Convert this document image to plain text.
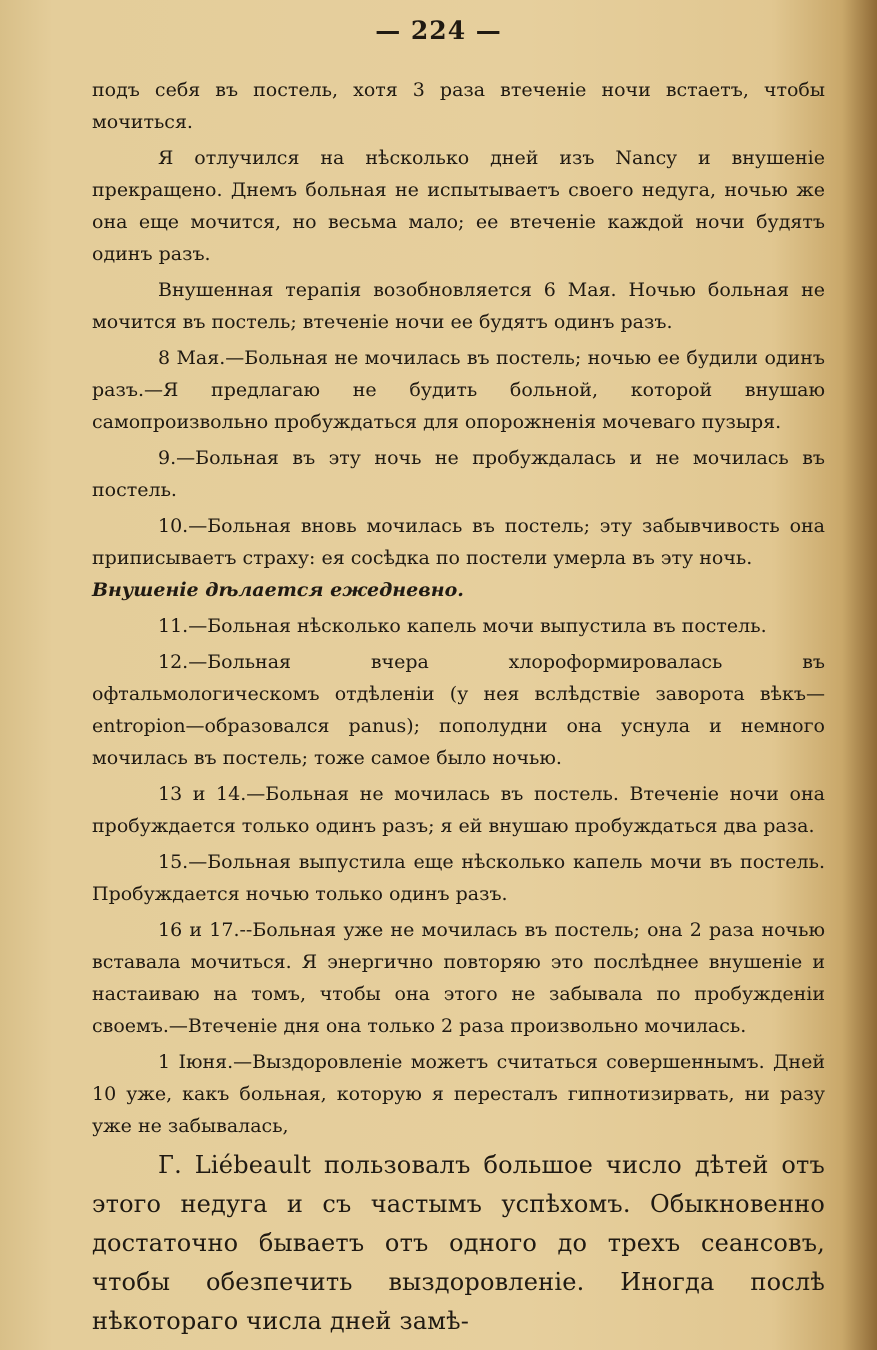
— 224 —

подъ себя въ постель, хотя 3 раза втеченіе ночи встаетъ, чтобы мочиться.

Я отлучился на нѣсколько дней изъ Nancy и внушеніе прекращено. Днемъ больная не испытываетъ своего недуга, ночью же она еще мочится, но весьма мало; ее втеченіе каждой ночи будятъ одинъ разъ.

Внушенная терапія возобновляется 6 Мая. Ночью больная не мочится въ постель; втеченіе ночи ее будятъ одинъ разъ.

8 Мая.—Больная не мочилась въ постель; ночью ее будили одинъ разъ.—Я предлагаю не будить больной, которой внушаю самопроизвольно пробуждаться для опорожненія мочеваго пузыря.

9.—Больная въ эту ночь не пробуждалась и не мочилась въ постель.

10.—Больная вновь мочилась въ постель; эту забывчивость она приписываетъ страху: ея сосѣдка по постели умерла въ эту ночь.

Внушеніе дѣлается ежедневно.

11.—Больная нѣсколько капель мочи выпустила въ постель.

12.—Больная вчера хлороформировалась въ офтальмологическомъ отдѣленіи (у нея вслѣдствіе заворота вѣкъ—entropion—образовался panus); пополудни она уснула и немного мочилась въ постель; тоже самое было ночью.

13 и 14.—Больная не мочилась въ постель. Втеченіе ночи она пробуждается только одинъ разъ; я ей внушаю пробуждаться два раза.

15.—Больная выпустила еще нѣсколько капель мочи въ постель. Пробуждается ночью только одинъ разъ.

16 и 17.--Больная уже не мочилась въ постель; она 2 раза ночью вставала мочиться. Я энергично повторяю это послѣднее внушеніе и настаиваю на томъ, чтобы она этого не забывала по пробужденіи своемъ.—Втеченіе дня она только 2 раза произвольно мочилась.

1 Іюня.—Выздоровленіе можетъ считаться совершеннымъ. Дней 10 уже, какъ больная, которую я пересталъ гипнотизирвать, ни разу уже не забывалась,

Г. Liébeault пользовалъ большое число дѣтей отъ этого недуга и съ частымъ успѣхомъ. Обыкновенно достаточно бываетъ отъ одного до трехъ сеансовъ, чтобы обезпечить выздоровленіе. Иногда послѣ нѣкотораго числа дней замѣ-
